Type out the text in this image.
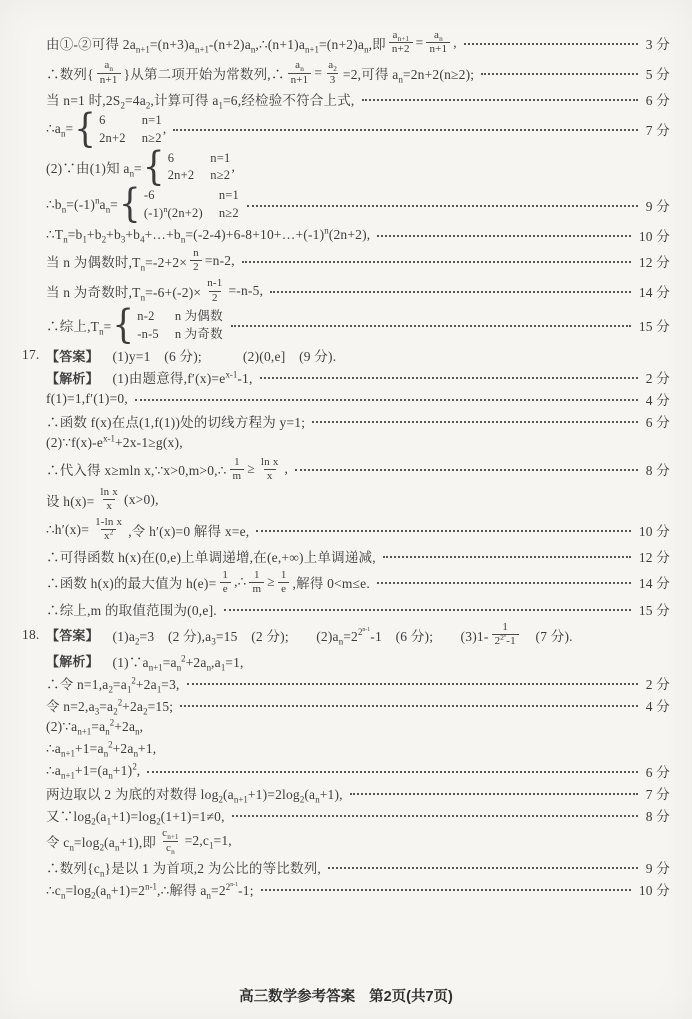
由①-②可得 $2a_{n+1}=(n+3)a_{n+1}-(n+2)a_n,\therefore(n+1)a_{n+1}=(n+2)a_n$,即 $\frac{a_{n+1}}{n+2} = \frac{a_n}{n+1}$ ,	3 分
∴数列{ $\frac{a_n}{n+1}$ }从第二项开始为常数列,∴ $\frac{a_n}{n+1} = \frac{a_2}{3} =2$,可得 $a_n=2n+2(n\ge 2)$;	5 分
当 n=1 时$,2S_2=4a_2$,计算可得 $a_1=6$,经检验不符合上式,	6 分
$\therefore a_n=$ { 6	n=1
2n+2 n≥2
,	7 分
(2)∵由(1)知 $a_n=$ { 6	n=1
2n+2 n≥2
,
$\therefore b_n=(-1)^na_n=$ { -6	n=1
$(-1)^n(2n+2)$ n≥2	9 分
$\therefore T_n=b_1+b_2+b_3+b_4+\dots+b_n=(-2-4)+6-8+10+\dots+(-1)^n(2n+2)$,	10 分
当 n 为偶数时$,T_n=-2+2\times \frac{n}{2} =n-2$,	12 分
当 n 为奇数时$,T_n=-6+(-2)\times \frac{n-1}{2} =-n-5$,	14 分
∴综上$,T_n=$ { n-2	n 为偶数
-n-5 n 为奇数	15 分
17. 【答案】 　(1)y=1　(6 分);　　　(2)(0,e]　(9 分).
【解析】 　(1)由题意得$,f'(x)=e^{x-1}-1$,	2 分
f(1)=1,f′(1)=0,	4 分
∴函数 f(x)在点(1,f(1))处的切线方程为 y=1;	6 分
$(2)\because f(x)-e^{x-1}+2x-1\ge g(x)$,
∴代入得 x≥mln x,∵x>0,m>0,∴ $\frac{1}{m} \ge \frac{\text{ln x}}{x}$ ,	8 分
设 $h(x)= \frac{\text{ln x}}{x} (x>0)$,
∴h′(x)= $\frac{\text{1-ln x}}{x^2}$ ,令 h′(x)=0 解得 x=e,	10 分
∴可得函数 h(x)在(0,e)上单调递增,在(e,+∞)上单调递减,	12 分
∴函数 h(x)的最大值为 $h(e)= \frac{1}{e}$ ,∴ $\frac{1}{m} \ge \frac{1}{e}$ ,解得 0<m≤e.	14 分
∴综上,m 的取值范围为(0,e].	15 分
18. 【答案】 　$(1)a_2=3$　(2 分)$,a_3=15$　(2 分);　　$(2)a_n=2^{2^{n-1}}-1$　(6 分);　　$(3)1- \frac{1}{2^{2^n}-1}$ 　(7 分).
【解析】 　$(1)\because a_{n+1}=a_n^2+2a_n,a_1=1$,
∴令 $n=1,a_2=a_1^2+2a_1=3$,	2 分
令 $n=2,a_3=a_2^2+2a_2=15$;	4 分
$(2)\because a_{n+1}=a_n^2+2a_n$,
$\therefore a_{n+1}+1=a_n^2+2a_n+1$,
$\therefore a_{n+1}+1=(a_n+1)^2$,	6 分
两边取以 2 为底的对数得 $\log_2(a_{n+1}+1)=2\log_2(a_n+1)$,	7 分
又$\because\log_2(a_1+1)=\log_2(1+1)=1\ne 0$,	8 分
令 $c_n=\log_2(a_n+1)$,即 $\frac{c_{n+1}}{c_n} =2,c_1=1$,
∴数列$\{c_n\}$是以 1 为首项,2 为公比的等比数列,	9 分
$\therefore c_n=\log_2(a_n+1)=2^{n-1},\therefore$解得 $a_n=2^{2^{n-1}}-1$;	10 分
高三数学参考答案 第2页(共7页)
